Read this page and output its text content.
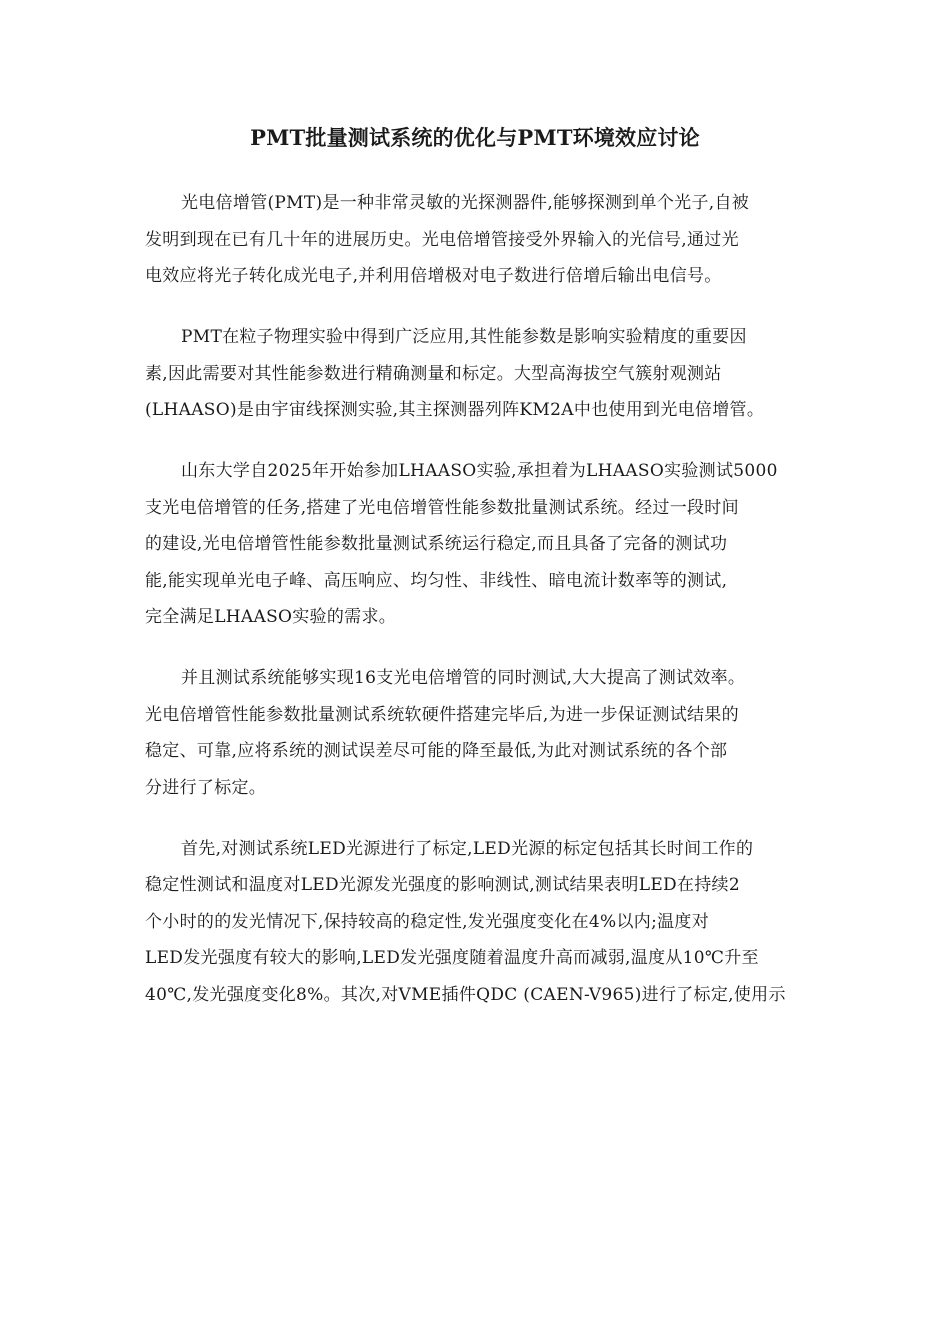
PMT批量测试系统的优化与PMT环境效应讨论

光电倍增管(PMT)是一种非常灵敏的光探测器件,能够探测到单个光子,自被
发明到现在已有几十年的进展历史。光电倍增管接受外界输入的光信号,通过光
电效应将光子转化成光电子,并利用倍增极对电子数进行倍增后输出电信号。

PMT在粒子物理实验中得到广泛应用,其性能参数是影响实验精度的重要因
素,因此需要对其性能参数进行精确测量和标定。大型高海拔空气簇射观测站
(LHAASO)是由宇宙线探测实验,其主探测器列阵KM2A中也使用到光电倍增管。

山东大学自2025年开始参加LHAASO实验,承担着为LHAASO实验测试5000
支光电倍增管的任务,搭建了光电倍增管性能参数批量测试系统。经过一段时间
的建设,光电倍增管性能参数批量测试系统运行稳定,而且具备了完备的测试功
能,能实现单光电子峰、高压响应、均匀性、非线性、暗电流计数率等的测试,
完全满足LHAASO实验的需求。

并且测试系统能够实现16支光电倍增管的同时测试,大大提高了测试效率。
光电倍增管性能参数批量测试系统软硬件搭建完毕后,为进一步保证测试结果的
稳定、可靠,应将系统的测试误差尽可能的降至最低,为此对测试系统的各个部
分进行了标定。

首先,对测试系统LED光源进行了标定,LED光源的标定包括其长时间工作的
稳定性测试和温度对LED光源发光强度的影响测试,测试结果表明LED在持续2
个小时的的发光情况下,保持较高的稳定性,发光强度变化在4%以内;温度对
LED发光强度有较大的影响,LED发光强度随着温度升高而减弱,温度从10℃升至
40℃,发光强度变化8%。其次,对VME插件QDC (CAEN-V965)进行了标定,使用示
